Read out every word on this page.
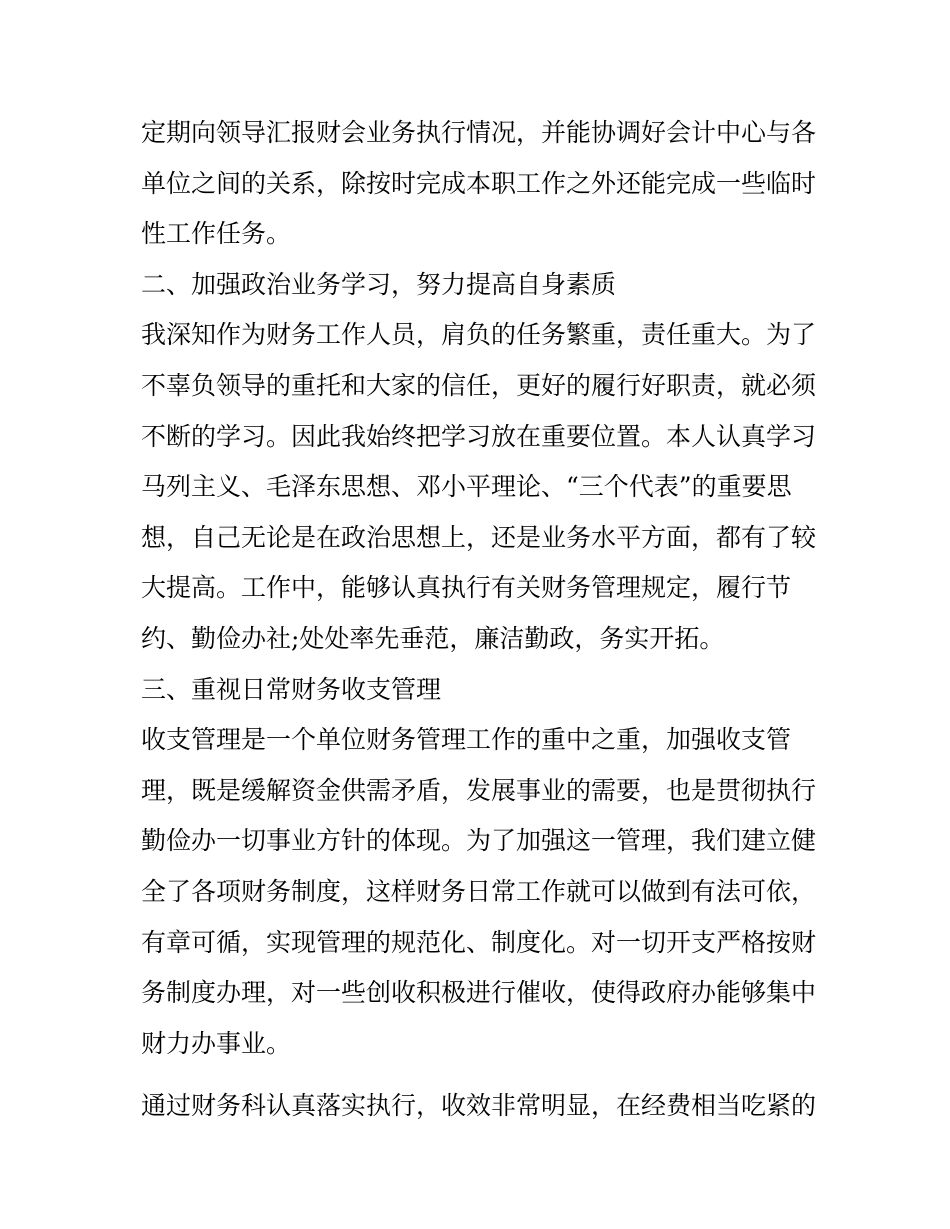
定期向领导汇报财会业务执行情况，并能协调好会计中心与各
单位之间的关系，除按时完成本职工作之外还能完成一些临时
性工作任务。
二、加强政治业务学习，努力提高自身素质
我深知作为财务工作人员，肩负的任务繁重，责任重大。为了
不辜负领导的重托和大家的信任，更好的履行好职责，就必须
不断的学习。因此我始终把学习放在重要位置。本人认真学习
马列主义、毛泽东思想、邓小平理论、“三个代表”的重要思
想，自己无论是在政治思想上，还是业务水平方面，都有了较
大提高。工作中，能够认真执行有关财务管理规定，履行节
约、勤俭办社;处处率先垂范，廉洁勤政，务实开拓。
三、重视日常财务收支管理
收支管理是一个单位财务管理工作的重中之重，加强收支管
理，既是缓解资金供需矛盾，发展事业的需要，也是贯彻执行
勤俭办一切事业方针的体现。为了加强这一管理，我们建立健
全了各项财务制度，这样财务日常工作就可以做到有法可依，
有章可循，实现管理的规范化、制度化。对一切开支严格按财
务制度办理，对一些创收积极进行催收，使得政府办能够集中
财力办事业。
通过财务科认真落实执行，收效非常明显，在经费相当吃紧的
